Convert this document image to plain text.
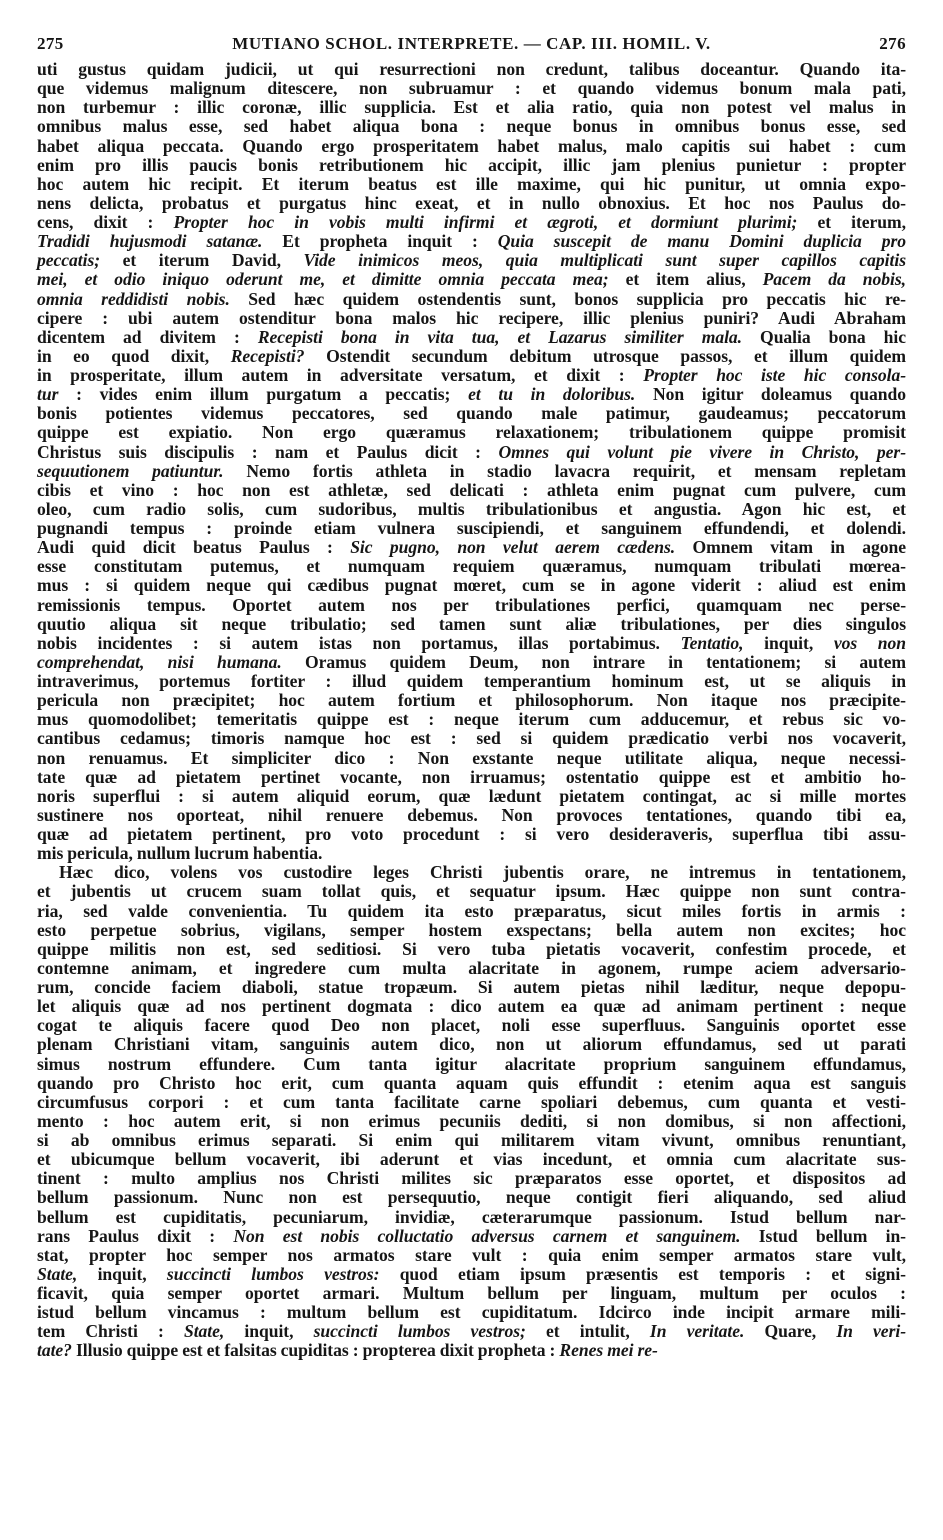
275	MUTIANO SCHOL. INTERPRETE. — CAP. III. HOMIL. V.	276

uti gustus quidam judicii, ut qui resurrectioni non credunt, talibus doceantur. Quando ita-

que videmus malignum ditescere, non subruamur : et quando videmus bonum mala pati,

non turbemur : illic coronæ, illic supplicia. Est et alia ratio, quia non potest vel malus in

omnibus malus esse, sed habet aliqua bona : neque bonus in omnibus bonus esse, sed

habet aliqua peccata. Quando ergo prosperitatem habet malus, malo capitis sui habet : cum

enim pro illis paucis bonis retributionem hic accipit, illic jam plenius punietur : propter

hoc autem hic recipit. Et iterum beatus est ille maxime, qui hic punitur, ut omnia expo-

nens delicta, probatus et purgatus hinc exeat, et in nullo obnoxius. Et hoc nos Paulus do-

cens, dixit : Propter hoc in vobis multi infirmi et ægroti, et dormiunt plurimi; et iterum,

Tradidi hujusmodi satanæ. Et propheta inquit : Quia suscepit de manu Domini duplicia pro

peccatis; et iterum David, Vide inimicos meos, quia multiplicati sunt super capillos capitis

mei, et odio iniquo oderunt me, et dimitte omnia peccata mea; et item alius, Pacem da nobis,

omnia reddidisti nobis. Sed hæc quidem ostendentis sunt, bonos supplicia pro peccatis hic re-

cipere : ubi autem ostenditur bona malos hic recipere, illic plenius puniri? Audi Abraham

dicentem ad divitem : Recepisti bona in vita tua, et Lazarus similiter mala. Qualia bona hic

in eo quod dixit, Recepisti? Ostendit secundum debitum utrosque passos, et illum quidem

in prosperitate, illum autem in adversitate versatum, et dixit : Propter hoc iste hic consola-

tur : vides enim illum purgatum a peccatis; et tu in doloribus. Non igitur doleamus quando

bonis potientes videmus peccatores, sed quando male patimur, gaudeamus; peccatorum

quippe est expiatio. Non ergo quæramus relaxationem; tribulationem quippe promisit

Christus suis discipulis : nam et Paulus dicit : Omnes qui volunt pie vivere in Christo, per-

sequutionem patiuntur. Nemo fortis athleta in stadio lavacra requirit, et mensam repletam

cibis et vino : hoc non est athletæ, sed delicati : athleta enim pugnat cum pulvere, cum

oleo, cum radio solis, cum sudoribus, multis tribulationibus et angustia. Agon hic est, et

pugnandi tempus : proinde etiam vulnera suscipiendi, et sanguinem effundendi, et dolendi.

Audi quid dicit beatus Paulus : Sic pugno, non velut aerem cædens. Omnem vitam in agone

esse constitutam putemus, et numquam requiem quæramus, numquam tribulati mœrea-

mus : si quidem neque qui cædibus pugnat mœret, cum se in agone viderit : aliud est enim

remissionis tempus. Oportet autem nos per tribulationes perfici, quamquam nec perse-

quutio aliqua sit neque tribulatio; sed tamen sunt aliæ tribulationes, per dies singulos

nobis incidentes : si autem istas non portamus, illas portabimus. Tentatio, inquit, vos non

comprehendat, nisi humana. Oramus quidem Deum, non intrare in tentationem; si autem

intraverimus, portemus fortiter : illud quidem temperantium hominum est, ut se aliquis in

pericula non præcipitet; hoc autem fortium et philosophorum. Non itaque nos præcipite-

mus quomodolibet; temeritatis quippe est : neque iterum cum adducemur, et rebus sic vo-

cantibus cedamus; timoris namque hoc est : sed si quidem prædicatio verbi nos vocaverit,

non renuamus. Et simpliciter dico : Non exstante neque utilitate aliqua, neque necessi-

tate quæ ad pietatem pertinet vocante, non irruamus; ostentatio quippe est et ambitio ho-

noris superflui : si autem aliquid eorum, quæ lædunt pietatem contingat, ac si mille mortes

sustinere nos oporteat, nihil renuere debemus. Non provoces tentationes, quando tibi ea,

quæ ad pietatem pertinent, pro voto procedunt : si vero desideraveris, superflua tibi assu-

mis pericula, nullum lucrum habentia.

Hæc dico, volens vos custodire leges Christi jubentis orare, ne intremus in tentationem,

et jubentis ut crucem suam tollat quis, et sequatur ipsum. Hæc quippe non sunt contra-

ria, sed valde convenientia. Tu quidem ita esto præparatus, sicut miles fortis in armis :

esto perpetue sobrius, vigilans, semper hostem exspectans; bella autem non excites; hoc

quippe militis non est, sed seditiosi. Si vero tuba pietatis vocaverit, confestim procede, et

contemne animam, et ingredere cum multa alacritate in agonem, rumpe aciem adversario-

rum, concide faciem diaboli, statue tropæum. Si autem pietas nihil læditur, neque depopu-

let aliquis quæ ad nos pertinent dogmata : dico autem ea quæ ad animam pertinent : neque

cogat te aliquis facere quod Deo non placet, noli esse superfluus. Sanguinis oportet esse

plenam Christiani vitam, sanguinis autem dico, non ut aliorum effundamus, sed ut parati

simus nostrum effundere. Cum tanta igitur alacritate proprium sanguinem effundamus,

quando pro Christo hoc erit, cum quanta aquam quis effundit : etenim aqua est sanguis

circumfusus corpori : et cum tanta facilitate carne spoliari debemus, cum quanta et vesti-

mento : hoc autem erit, si non erimus pecuniis dediti, si non domibus, si non affectioni,

si ab omnibus erimus separati. Si enim qui militarem vitam vivunt, omnibus renuntiant,

et ubicumque bellum vocaverit, ibi aderunt et vias incedunt, et omnia cum alacritate sus-

tinent : multo amplius nos Christi milites sic præparatos esse oportet, et dispositos ad

bellum passionum. Nunc non est persequutio, neque contigit fieri aliquando, sed aliud

bellum est cupiditatis, pecuniarum, invidiæ, cæterarumque passionum. Istud bellum nar-

rans Paulus dixit : Non est nobis colluctatio adversus carnem et sanguinem. Istud bellum in-

stat, propter hoc semper nos armatos stare vult : quia enim semper armatos stare vult,

State, inquit, succincti lumbos vestros: quod etiam ipsum præsentis est temporis : et signi-

ficavit, quia semper oportet armari. Multum bellum per linguam, multum per oculos :

istud bellum vincamus : multum bellum est cupiditatum. Idcirco inde incipit armare mili-

tem Christi : State, inquit, succincti lumbos vestros; et intulit, In veritate. Quare, In veri-

tate? Illusio quippe est et falsitas cupiditas : propterea dixit propheta : Renes mei re-
